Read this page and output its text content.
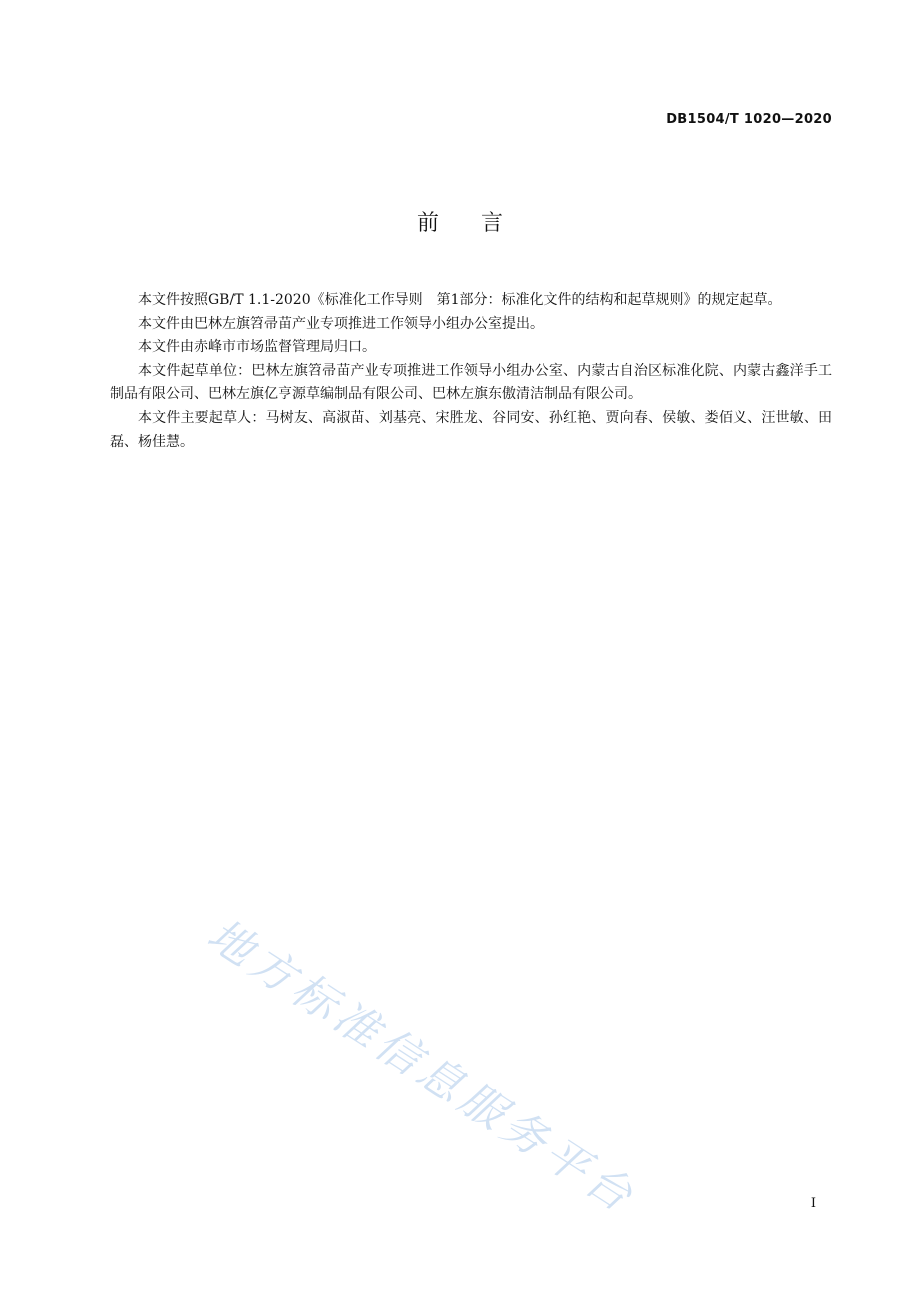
DB1504/T 1020—2020
前言

本文件按照GB/T 1.1-2020《标准化工作导则　第1部分：标准化文件的结构和起草规则》的规定起草。

本文件由巴林左旗笤帚苗产业专项推进工作领导小组办公室提出。

本文件由赤峰市市场监督管理局归口。

本文件起草单位：巴林左旗笤帚苗产业专项推进工作领导小组办公室、内蒙古自治区标准化院、内蒙古鑫洋手工制品有限公司、巴林左旗亿亨源草编制品有限公司、巴林左旗东傲清洁制品有限公司。

本文件主要起草人：马树友、高淑苗、刘基亮、宋胜龙、谷同安、孙红艳、贾向春、侯敏、娄佰义、汪世敏、田磊、杨佳慧。

地方标准信息服务平台	I
